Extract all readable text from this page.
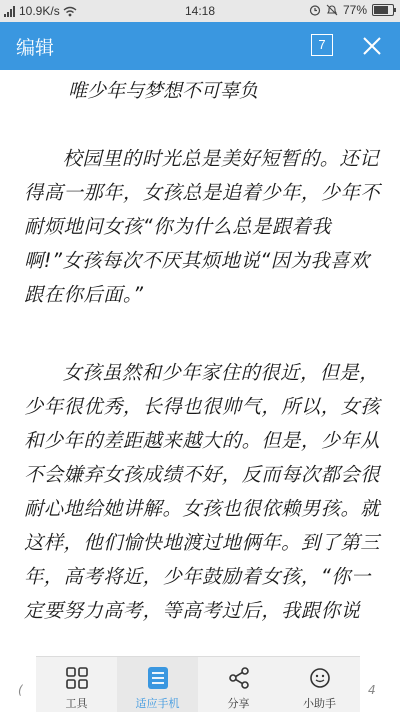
10.9K/s	14:18	77%
编辑	7
唯少年与梦想不可辜负
校园里的时光总是美好短暂的。还记得高一那年，女孩总是追着少年，少年不耐烦地问女孩“你为什么总是跟着我啊!”女孩每次不厌其烦地说“因为我喜欢跟在你后面。”
女孩虽然和少年家住的很近，但是，少年很优秀，长得也很帅气，所以，女孩和少年的差距越来越大的。但是，少年从不会嫌弃女孩成绩不好，反而每次都会很耐心地给她讲解。女孩也很依赖男孩。就这样，他们愉快地渡过地俩年。到了第三年，高考将近，少年鼓励着女孩，“你一定要努力高考，等高考过后，我跟你说
(	4
工具	适应手机	分享	小助手
